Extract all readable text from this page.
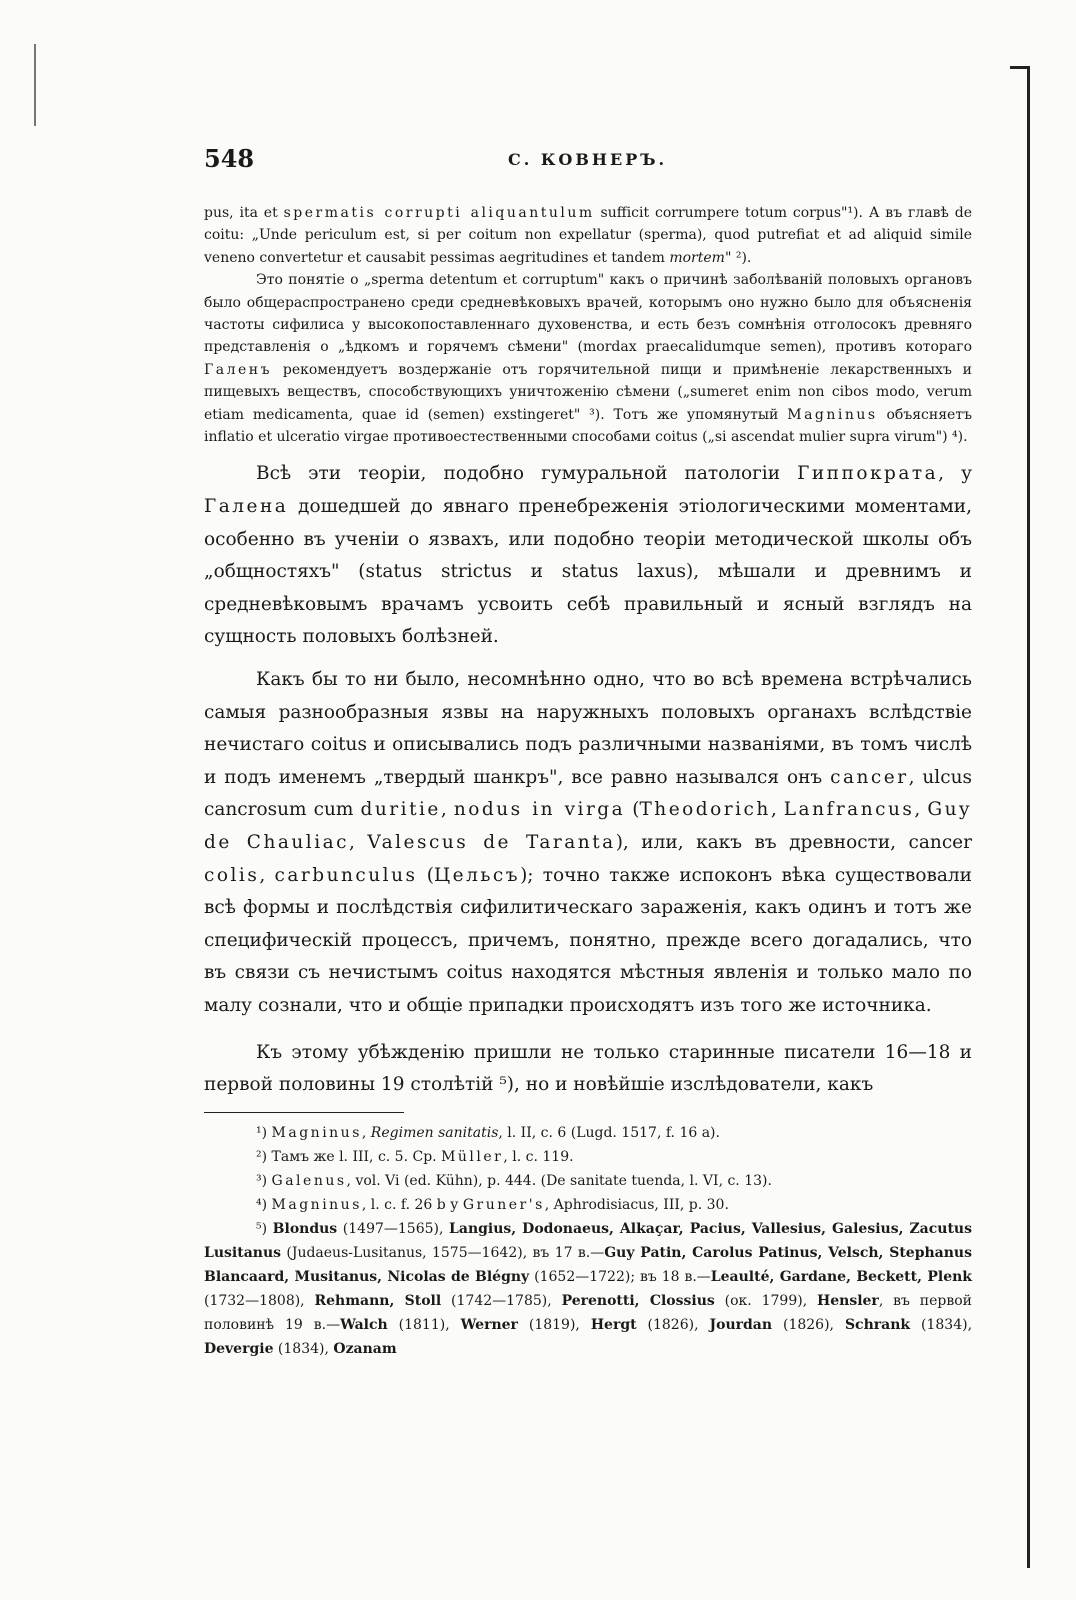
548	С. КОВНЕРЪ.

pus, ita et spermatis corrupti aliquantulum sufficit corrumpere totum corpus"¹). А въ главѣ de coitu: „Unde periculum est, si per coitum non expellatur (sperma), quod putrefiat et ad aliquid simile veneno convertetur et causabit pessimas aegritudines et tandem mortem" ²).

Это понятіе о „sperma detentum et corruptum" какъ о причинѣ заболѣваній половыхъ органовъ было общераспространено среди средневѣковыхъ врачей, которымъ оно нужно было для объясненія частоты сифилиса у высокопоставленнаго духовенства, и есть безъ сомнѣнія отголосокъ древняго представленія о „ѣдкомъ и горячемъ сѣмени" (mordax praecalidumque semen), противъ котораго Галенъ рекомендуетъ воздержаніе отъ горячительной пищи и примѣненіе лекарственныхъ и пищевыхъ веществъ, способствующихъ уничтоженію сѣмени („sumeret enim non cibos modo, verum etiam medicamenta, quae id (semen) exstingeret" ³). Тотъ же упомянутый Magninus объясняетъ inflatio et ulceratio virgae противоестественными способами coitus („si ascendat mulier supra virum") ⁴).

Всѣ эти теоріи, подобно гумуральной патологіи Гиппократа, у Галена дошедшей до явнаго пренебреженія этіологическими моментами, особенно въ ученіи о язвахъ, или подобно теоріи методической школы объ „общностяхъ" (status strictus и status laxus), мѣшали и древнимъ и средневѣковымъ врачамъ усвоить себѣ правильный и ясный взглядъ на сущность половыхъ болѣзней.

Какъ бы то ни было, несомнѣнно одно, что во всѣ времена встрѣчались самыя разнообразныя язвы на наружныхъ половыхъ органахъ вслѣдствіе нечистаго coitus и описывались подъ различными названіями, въ томъ числѣ и подъ именемъ „твердый шанкръ", все равно назывался онъ cancer, ulcus cancrosum cum duritie, nodus in virga (Theodorich, Lanfrancus, Guy de Chauliac, Valescus de Taranta), или, какъ въ древности, cancer colis, carbunculus (Цельсъ); точно также испоконъ вѣка существовали всѣ формы и послѣдствія сифилитическаго зараженія, какъ одинъ и тотъ же специфическій процессъ, причемъ, понятно, прежде всего догадались, что въ связи съ нечистымъ coitus находятся мѣстныя явленія и только мало по малу сознали, что и общіе припадки происходятъ изъ того же источника.

Къ этому убѣжденію пришли не только старинные писатели 16—18 и первой половины 19 столѣтій ⁵), но и новѣйшіе изслѣдователи, какъ

¹) Magninus, Regimen sanitatis, l. II, c. 6 (Lugd. 1517, f. 16 a).

²) Тамъ же l. III, c. 5. Ср. Müller, l. c. 119.

³) Galenus, vol. Vi (ed. Kühn), p. 444. (De sanitate tuenda, l. VI, c. 13).

⁴) Magninus, l. c. f. 26 b у Gruner's, Aphrodisiacus, III, p. 30.

⁵) Blondus (1497—1565), Langius, Dodonaeus, Alkaçar, Pacius, Vallesius, Galesius, Zacutus Lusitanus (Judaeus-Lusitanus, 1575—1642), въ 17 в.—Guy Patin, Carolus Patinus, Velsch, Stephanus Blancaard, Musitanus, Nicolas de Blégny (1652—1722); въ 18 в.—Leaulté, Gardane, Beckett, Plenk (1732—1808), Rehmann, Stoll (1742—1785), Perenotti, Clossius (ок. 1799), Hensler, въ первой половинѣ 19 в.—Walch (1811), Werner (1819), Hergt (1826), Jourdan (1826), Schrank (1834), Devergie (1834), Ozanam
